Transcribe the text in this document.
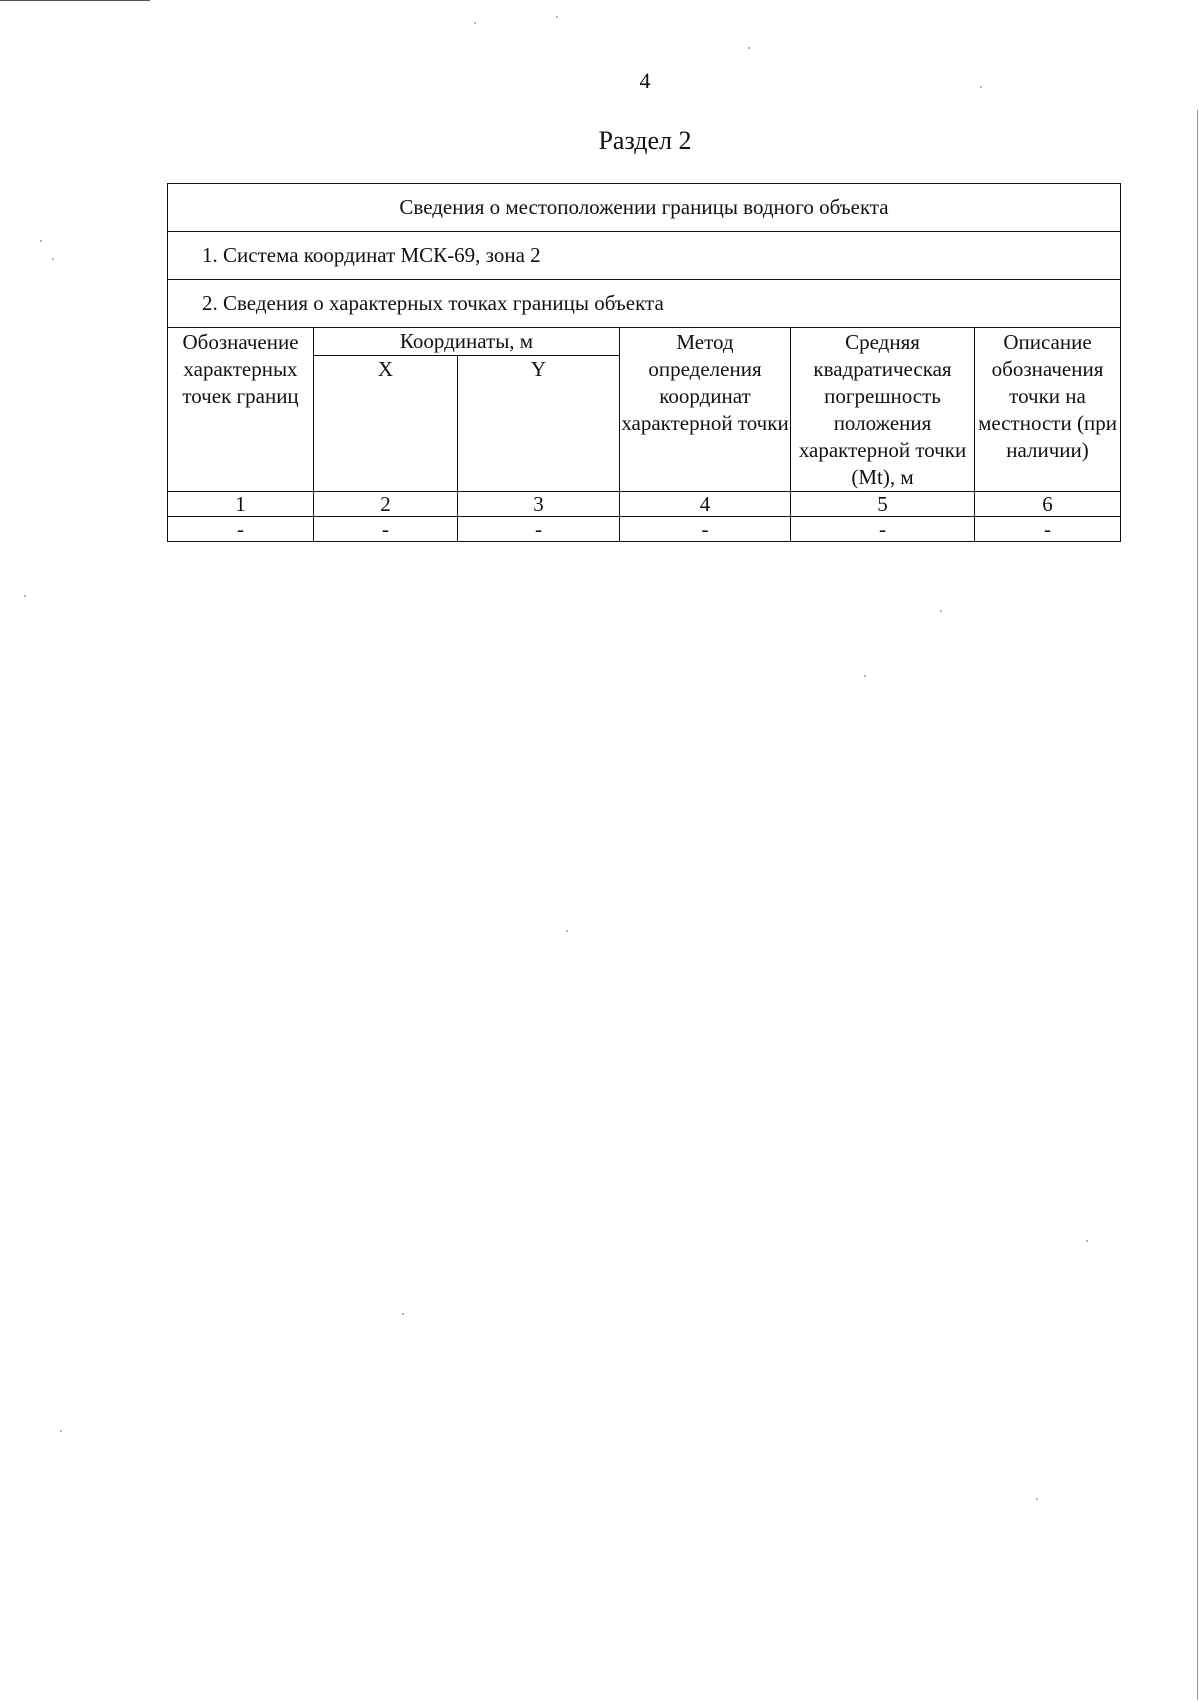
4
Раздел 2
Сведения о местоположении границы водного объекта					
1. Система координат МСК-69, зона 2					
2. Сведения о характерных точках границы объекта					
Обозначение характерных точек границ	Координаты, м		Метод определения координат характерной точки	Средняя квадратическая погрешность положения характерной точки (Mt), м	Описание обозначения точки на местности (при наличии)
	X	Y			
1	2	3	4	5	6
-	-	-	-	-	-
